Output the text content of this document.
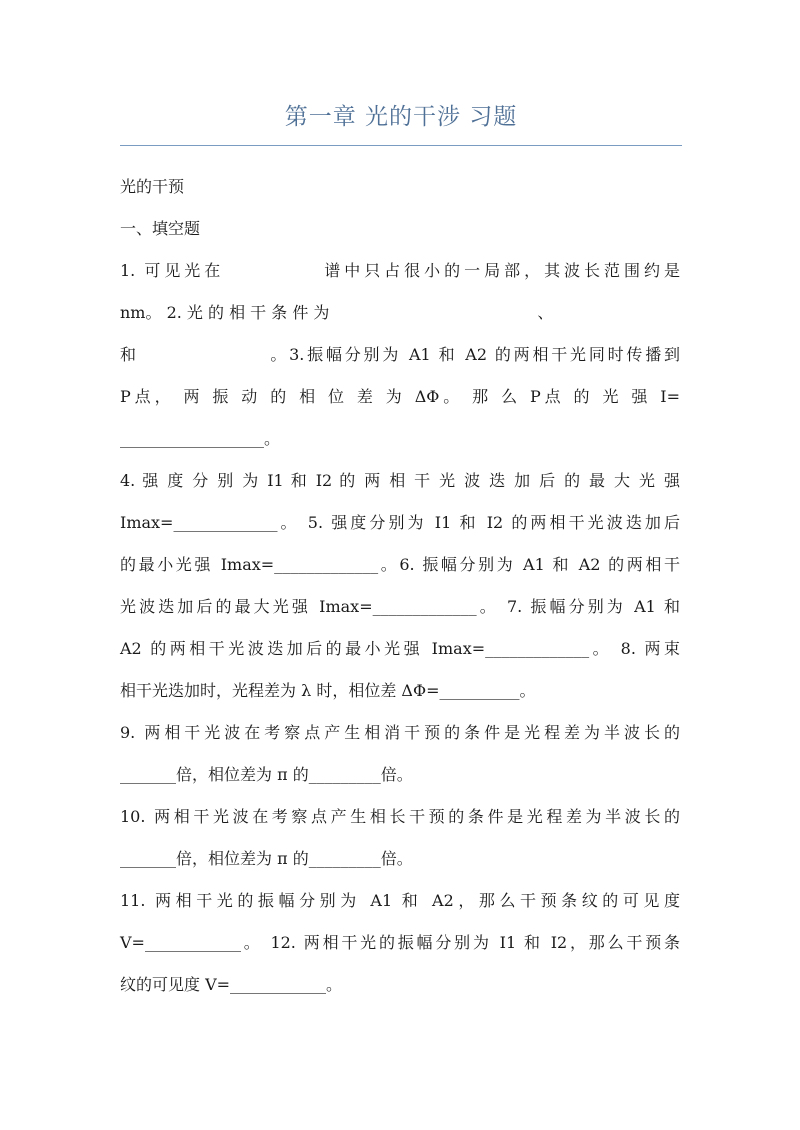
第一章 光的干涉 习题
光的干预
一、填空题
1. 可见光在　　　　　谱中只占很小的一局部，其波长范围约是
nm。 2. 光 的 相 干 条 件 为　　　　　　　　　　　　　、
和　　　　　　　。3.振幅分别为 A1 和 A2 的两相干光同时传播到
P点， 两 振 动 的 相 位 差 为 ΔΦ。 那 么 P点 的 光 强 I=
__________________。
4. 强 度 分 别 为 I1 和 I2 的 两 相 干 光 波 迭 加 后 的 最 大 光 强
Imax=_____________。 5. 强度分别为 I1 和 I2 的两相干光波迭加后
的最小光强 Imax=_____________。6. 振幅分别为 A1 和 A2 的两相干
光波迭加后的最大光强 Imax=_____________。 7. 振幅分别为 A1 和
A2 的两相干光波迭加后的最小光强 Imax=_____________。 8. 两束
相干光迭加时，光程差为 λ 时，相位差 ΔΦ=__________。
9. 两相干光波在考察点产生相消干预的条件是光程差为半波长的
_______倍，相位差为 π 的_________倍。
10. 两相干光波在考察点产生相长干预的条件是光程差为半波长的
_______倍，相位差为 π 的_________倍。
11. 两相干光的振幅分别为 A1 和 A2，那么干预条纹的可见度
V=____________。 12. 两相干光的振幅分别为 I1 和 I2，那么干预条
纹的可见度 V=____________。
